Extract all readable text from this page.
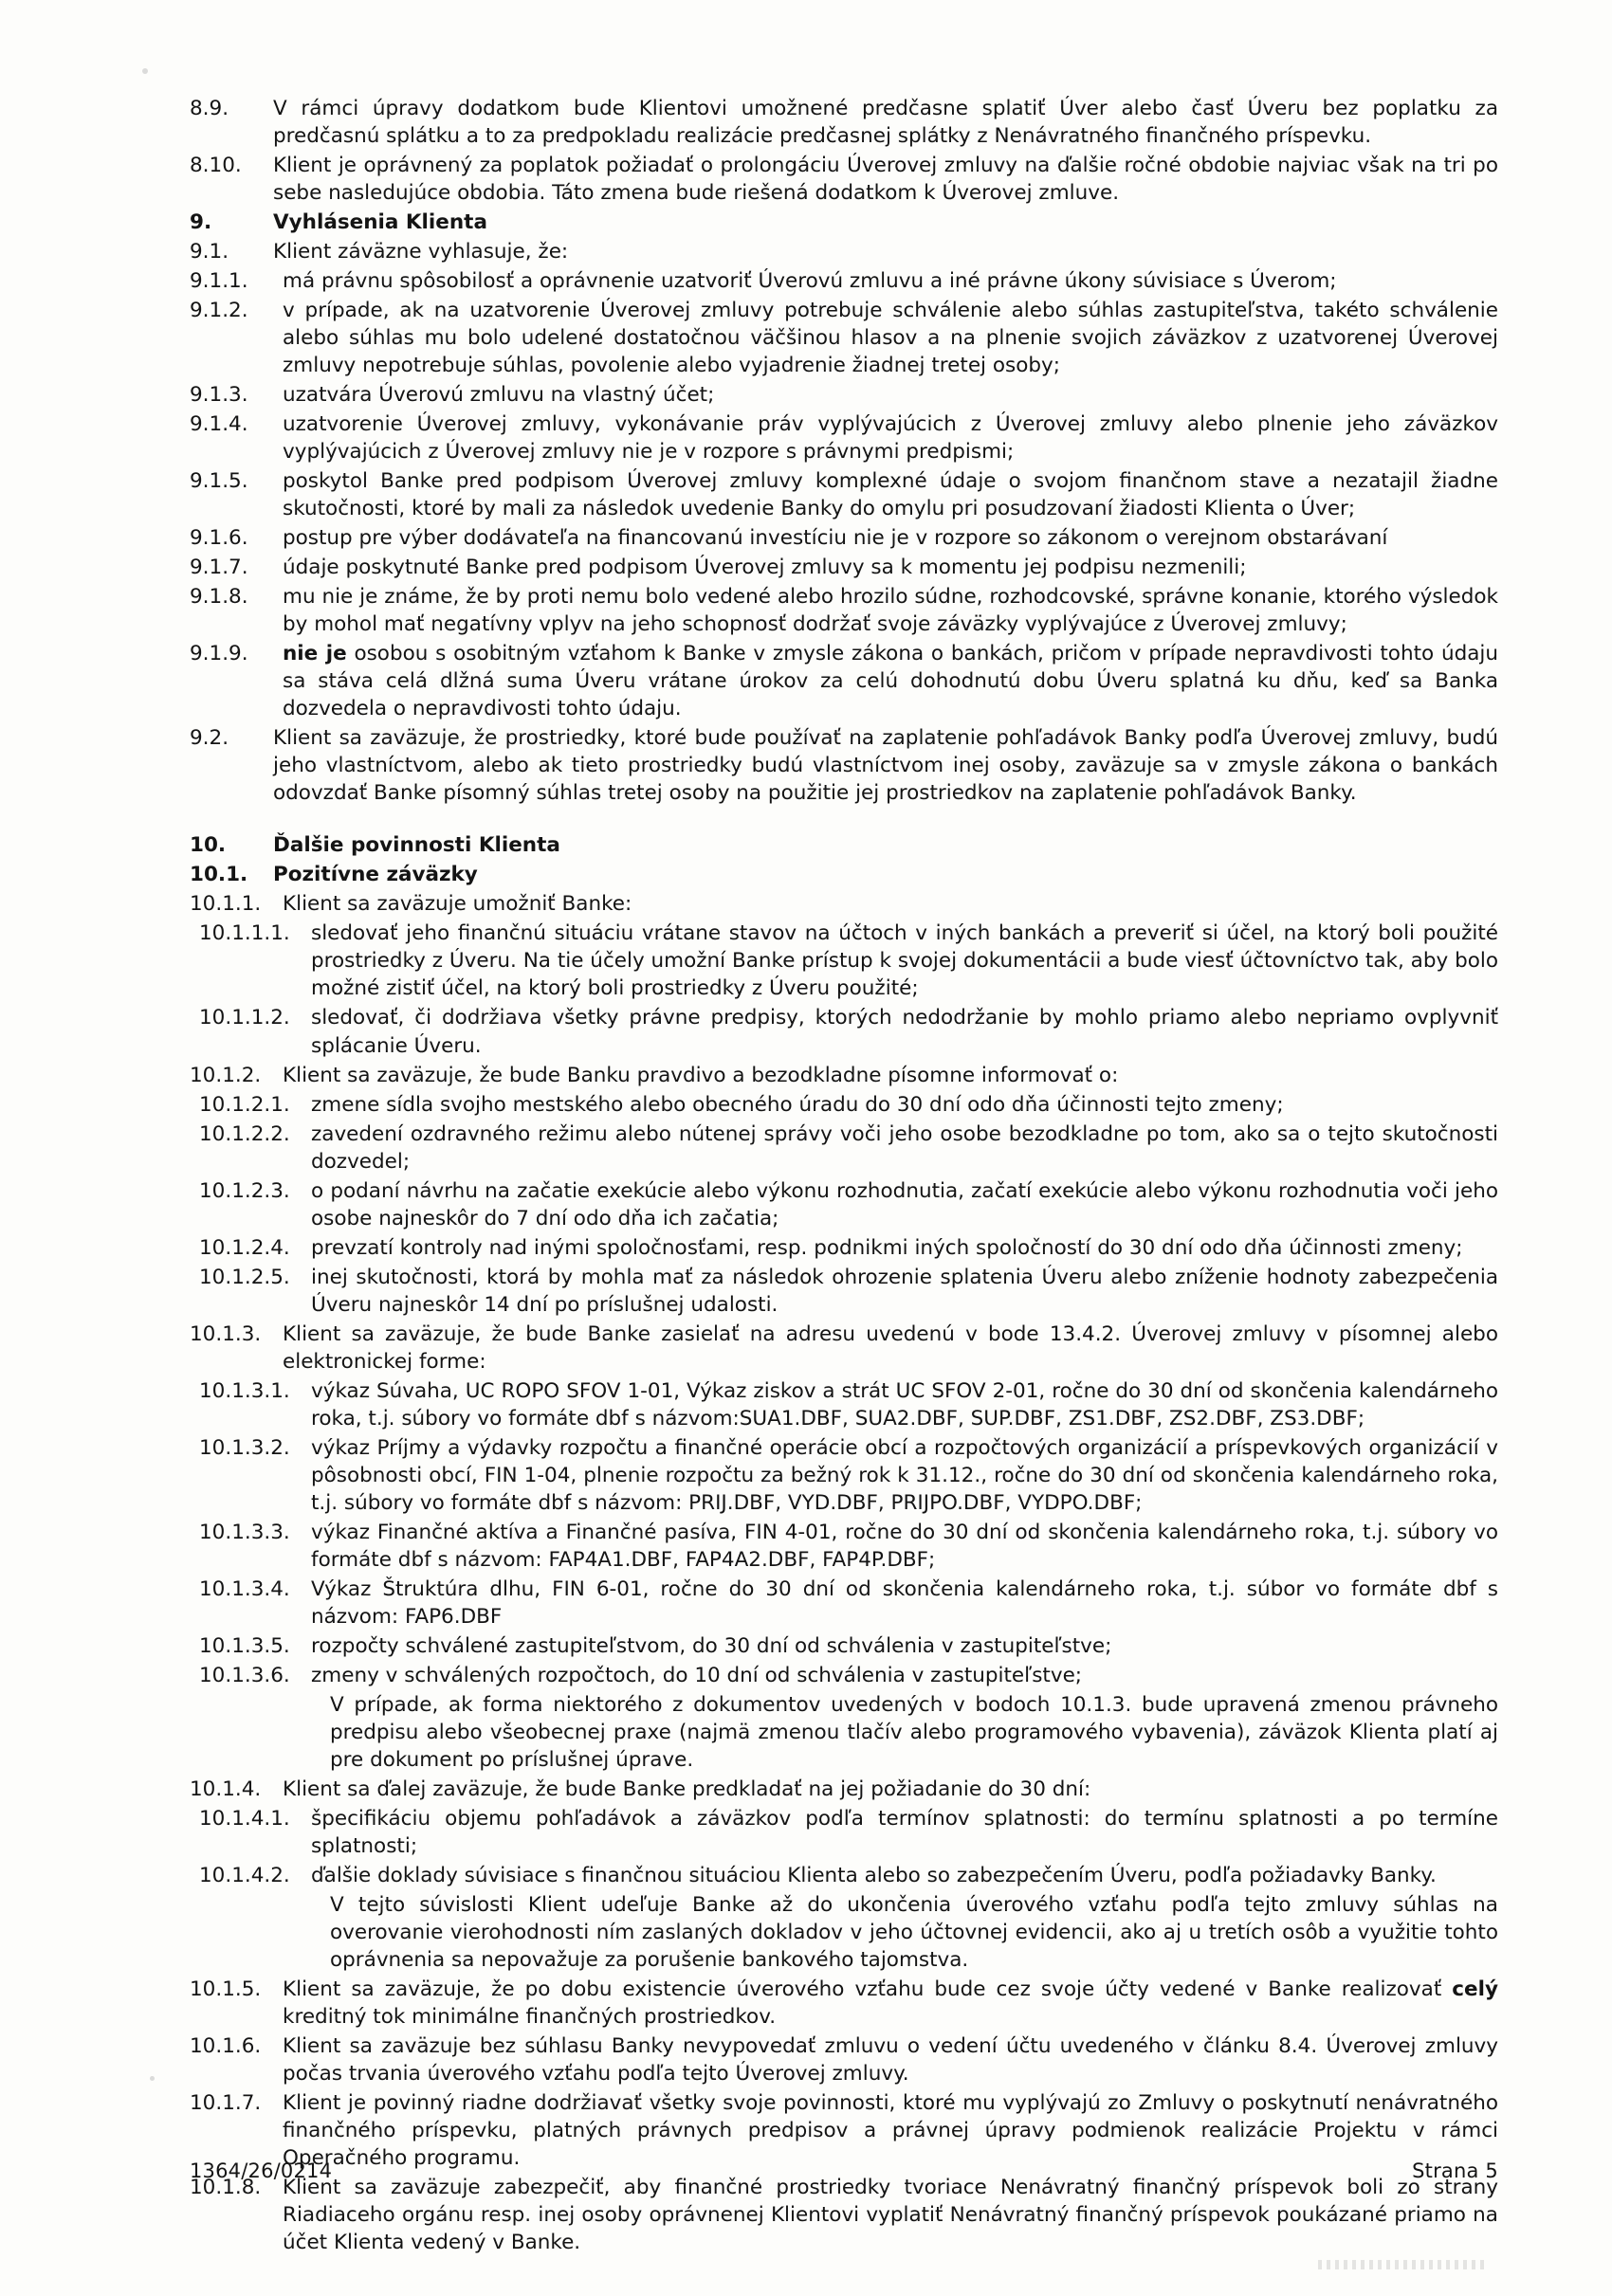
8.9.	V rámci úpravy dodatkom bude Klientovi umožnené predčasne splatiť Úver alebo časť Úveru bez poplatku za predčasnú splátku a to za predpokladu realizácie predčasnej splátky z Nenávratného finančného príspevku.
8.10.	Klient je oprávnený za poplatok požiadať o prolongáciu Úverovej zmluvy na ďalšie ročné obdobie najviac však na tri po sebe nasledujúce obdobia. Táto zmena bude riešená dodatkom k Úverovej zmluve.
9.	Vyhlásenia Klienta
9.1.	Klient záväzne vyhlasuje, že:
9.1.1.	má právnu spôsobilosť a oprávnenie uzatvoriť Úverovú zmluvu a iné právne úkony súvisiace s Úverom;
9.1.2.	v prípade, ak na uzatvorenie Úverovej zmluvy potrebuje schválenie alebo súhlas zastupiteľstva, takéto schválenie alebo súhlas mu bolo udelené dostatočnou väčšinou hlasov a na plnenie svojich záväzkov z uzatvorenej Úverovej zmluvy nepotrebuje súhlas, povolenie alebo vyjadrenie žiadnej tretej osoby;
9.1.3.	uzatvára Úverovú zmluvu na vlastný účet;
9.1.4.	uzatvorenie Úverovej zmluvy, vykonávanie práv vyplývajúcich z Úverovej zmluvy alebo plnenie jeho záväzkov vyplývajúcich z Úverovej zmluvy nie je v rozpore s právnymi predpismi;
9.1.5.	poskytol Banke pred podpisom Úverovej zmluvy komplexné údaje o svojom finančnom stave a nezatajil žiadne skutočnosti, ktoré by mali za následok uvedenie Banky do omylu pri posudzovaní žiadosti Klienta o Úver;
9.1.6.	postup pre výber dodávateľa na financovanú investíciu nie je v rozpore so zákonom o verejnom obstarávaní
9.1.7.	údaje poskytnuté Banke pred podpisom Úverovej zmluvy sa k momentu jej podpisu nezmenili;
9.1.8.	mu nie je známe, že by proti nemu bolo vedené alebo hrozilo súdne, rozhodcovské, správne konanie, ktorého výsledok by mohol mať negatívny vplyv na jeho schopnosť dodržať svoje záväzky vyplývajúce z Úverovej zmluvy;
9.1.9.	nie je osobou s osobitným vzťahom k Banke v zmysle zákona o bankách, pričom v prípade nepravdivosti tohto údaju sa stáva celá dlžná suma Úveru vrátane úrokov za celú dohodnutú dobu Úveru splatná ku dňu, keď sa Banka dozvedela o nepravdivosti tohto údaju.
9.2.	Klient sa zaväzuje, že prostriedky, ktoré bude používať na zaplatenie pohľadávok Banky podľa Úverovej zmluvy, budú jeho vlastníctvom, alebo ak tieto prostriedky budú vlastníctvom inej osoby, zaväzuje sa v zmysle zákona o bankách odovzdať Banke písomný súhlas tretej osoby na použitie jej prostriedkov na zaplatenie pohľadávok Banky.
10.	Ďalšie povinnosti Klienta
10.1.	Pozitívne záväzky
10.1.1.	Klient sa zaväzuje umožniť Banke:
10.1.1.1.	sledovať jeho finančnú situáciu vrátane stavov na účtoch v iných bankách a preveriť si účel, na ktorý boli použité prostriedky z Úveru. Na tie účely umožní Banke prístup k svojej dokumentácii a bude viesť účtovníctvo tak, aby bolo možné zistiť účel, na ktorý boli prostriedky z Úveru použité;
10.1.1.2.	sledovať, či dodržiava všetky právne predpisy, ktorých nedodržanie by mohlo priamo alebo nepriamo ovplyvniť splácanie Úveru.
10.1.2.	Klient sa zaväzuje, že bude Banku pravdivo a bezodkladne písomne informovať o:
10.1.2.1.	zmene sídla svojho mestského alebo obecného úradu do 30 dní odo dňa účinnosti tejto zmeny;
10.1.2.2.	zavedení ozdravného režimu alebo nútenej správy voči jeho osobe bezodkladne po tom, ako sa o tejto skutočnosti dozvedel;
10.1.2.3.	o podaní návrhu na začatie exekúcie alebo výkonu rozhodnutia, začatí exekúcie alebo výkonu rozhodnutia voči jeho osobe najneskôr do 7 dní odo dňa ich začatia;
10.1.2.4.	prevzatí kontroly nad inými spoločnosťami, resp. podnikmi iných spoločností do 30 dní odo dňa účinnosti zmeny;
10.1.2.5.	inej skutočnosti, ktorá by mohla mať za následok ohrozenie splatenia Úveru alebo zníženie hodnoty zabezpečenia Úveru najneskôr 14 dní po príslušnej udalosti.
10.1.3.	Klient sa zaväzuje, že bude Banke zasielať na adresu uvedenú v bode 13.4.2. Úverovej zmluvy v písomnej alebo elektronickej forme:
10.1.3.1.	výkaz Súvaha, UC ROPO SFOV 1-01, Výkaz ziskov a strát UC SFOV 2-01, ročne do 30 dní od skončenia kalendárneho roka, t.j. súbory vo formáte dbf s názvom:SUA1.DBF, SUA2.DBF, SUP.DBF, ZS1.DBF, ZS2.DBF, ZS3.DBF;
10.1.3.2.	výkaz Príjmy a výdavky rozpočtu a finančné operácie obcí a rozpočtových organizácií a príspevkových organizácií v pôsobnosti obcí, FIN 1-04, plnenie rozpočtu za bežný rok k 31.12., ročne do 30 dní od skončenia kalendárneho roka, t.j. súbory vo formáte dbf s názvom: PRIJ.DBF, VYD.DBF, PRIJPO.DBF, VYDPO.DBF;
10.1.3.3.	výkaz Finančné aktíva a Finančné pasíva, FIN 4-01, ročne do 30 dní od skončenia kalendárneho roka, t.j. súbory vo formáte dbf s názvom: FAP4A1.DBF, FAP4A2.DBF, FAP4P.DBF;
10.1.3.4.	Výkaz Štruktúra dlhu, FIN 6-01, ročne do 30 dní od skončenia kalendárneho roka, t.j. súbor vo formáte dbf s názvom: FAP6.DBF
10.1.3.5.	rozpočty schválené zastupiteľstvom, do 30 dní od schválenia v zastupiteľstve;
10.1.3.6.	zmeny v schválených rozpočtoch, do 10 dní od schválenia v zastupiteľstve;
V prípade, ak forma niektorého z dokumentov uvedených v bodoch 10.1.3. bude upravená zmenou právneho predpisu alebo všeobecnej praxe (najmä zmenou tlačív alebo programového vybavenia), záväzok Klienta platí aj pre dokument po príslušnej úprave.
10.1.4.	Klient sa ďalej zaväzuje, že bude Banke predkladať na jej požiadanie do 30 dní:
10.1.4.1.	špecifikáciu objemu pohľadávok a záväzkov podľa termínov splatnosti: do termínu splatnosti a po termíne splatnosti;
10.1.4.2.	ďalšie doklady súvisiace s finančnou situáciou Klienta alebo so zabezpečením Úveru, podľa požiadavky Banky.
V tejto súvislosti Klient udeľuje Banke až do ukončenia úverového vzťahu podľa tejto zmluvy súhlas na overovanie vierohodnosti ním zaslaných dokladov v jeho účtovnej evidencii, ako aj u tretích osôb a využitie tohto oprávnenia sa nepovažuje za porušenie bankového tajomstva.
10.1.5.	Klient sa zaväzuje, že po dobu existencie úverového vzťahu bude cez svoje účty vedené v Banke realizovať celý kreditný tok minimálne finančných prostriedkov.
10.1.6.	Klient sa zaväzuje bez súhlasu Banky nevypovedať zmluvu o vedení účtu uvedeného v článku 8.4. Úverovej zmluvy počas trvania úverového vzťahu podľa tejto Úverovej zmluvy.
10.1.7.	Klient je povinný riadne dodržiavať všetky svoje povinnosti, ktoré mu vyplývajú zo Zmluvy o poskytnutí nenávratného finančného príspevku, platných právnych predpisov a právnej úpravy podmienok realizácie Projektu v rámci Operačného programu.
10.1.8.	Klient sa zaväzuje zabezpečiť, aby finančné prostriedky tvoriace Nenávratný finančný príspevok boli zo strany Riadiaceho orgánu resp. inej osoby oprávnenej Klientovi vyplatiť Nenávratný finančný príspevok poukázané priamo na účet Klienta vedený v Banke.
1364/26/0214	Strana 5
